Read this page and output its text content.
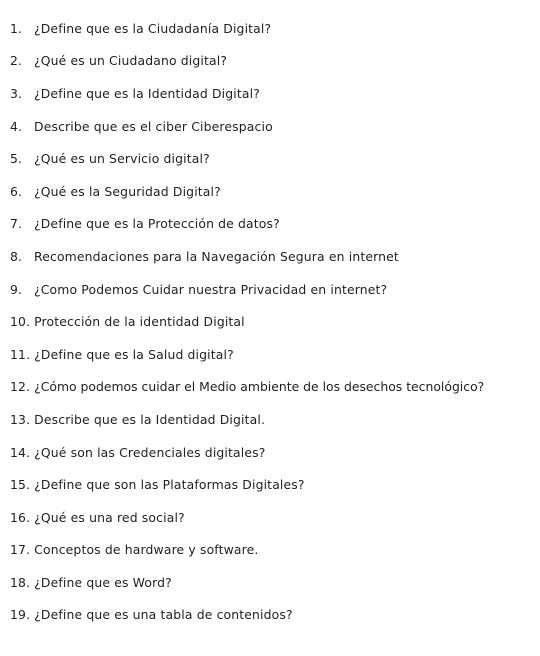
1. ¿Define que es la Ciudadanía Digital?
2. ¿Qué es un Ciudadano digital?
3. ¿Define que es la Identidad Digital?
4. Describe que es el ciber Ciberespacio
5. ¿Qué es un Servicio digital?
6. ¿Qué es la Seguridad Digital?
7. ¿Define que es la Protección de datos?
8. Recomendaciones para la Navegación Segura en internet
9. ¿Como Podemos Cuidar nuestra Privacidad en internet?
10. Protección de la identidad Digital
11. ¿Define que es la Salud digital?
12. ¿Cómo podemos cuidar el Medio ambiente de los desechos tecnológico?
13. Describe que es la Identidad Digital.
14. ¿Qué son las Credenciales digitales?
15. ¿Define que son las Plataformas Digitales?
16. ¿Qué es una red social?
17. Conceptos de hardware y software.
18. ¿Define que es Word?
19. ¿Define que es una tabla de contenidos?
